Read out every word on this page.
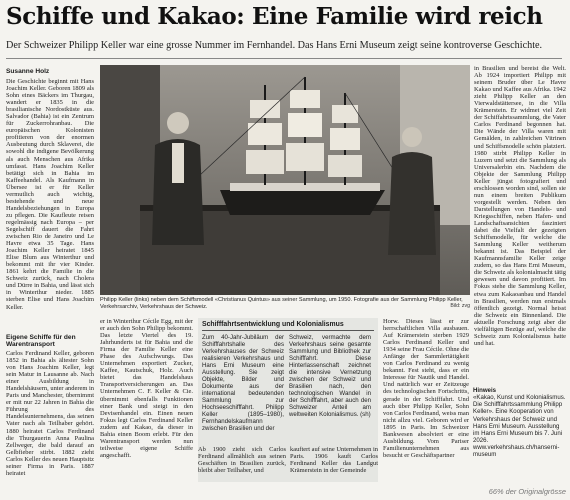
Schiffe und Kakao: Eine Familie wird reich
Der Schweizer Philipp Keller war eine grosse Nummer im Fernhandel. Das Hans Erni Museum zeigt seine kontroverse Geschichte.
Susanne Holz

Die Geschichte beginnt mit Hans Joachim Keller. Geboren 1809 als Sohn eines Bäckers im Thurgau, wandert er 1835 in die brasilianische Nordostküste aus. Salvador (Bahia) ist ein Zentrum für Zuckerrohranbau. Die europäischen Kolonisten profitieren von der enormen Ausbeutung durch Sklaverei, die sowohl die indigene Bevölkerung als auch Menschen aus Afrika umfasst. Hans Joachim Keller betätigt sich in Bahia im Kaffeehandel. Als Kaufmann in Übersee ist er für Keller vermutlich auch wichtig, bestehende und neue Handelsbeziehungen in Europa zu pflegen. Die Kaufleute reisen regelmässig nach Europa – per Segelschiff dauert die Fahrt zwischen Rio de Janeiro und Le Havre etwa 35 Tage. Hans Joachim Keller heiratet 1845 Elise Blum aus Winterthur und bekommt mit ihr vier Kinder. 1861 kehrt die Familie in die Schweiz zurück, nach Cholera und Dürre in Bahia, und lässt sich in Winterthur nieder. 1885 sterben Elise und Hans Joachim Keller.

Eigene Schiffe für den Warentransport

Carlos Ferdinand Keller, geboren 1852 in Bahia als ältester Sohn von Hans Joachim Keller, legt sein Matur in Lausanne ab. Nach einer Ausbildung in Handelshäusern, unter anderem in Paris und Manchester, übernimmt er mit nur 22 Jahren in Bahia die Führung des Handelsunternehmens, das seinen Vater nach als Teilhaber gehört. 1880 heiratet Carlos Ferdinand die Thurgauerin Anna Paulina Zellweger, die bald darauf an Gelbfieber stirbt. 1882 zieht Carlos Keller des neuen Hauptsitz seiner Firma in Paris. 1887 heiratet

Philipp Keller (links) neben dem Schiffsmodell «Christianus Quintus» aus seiner Sammlung, um 1950. Fotografie aus der Sammlung Philipp Keller, Verkehrsarchiv, Verkehrshaus der Schweiz.	Bild: zvg

er in Winterthur Cécile Egg, mit der er auch den Sohn Philipp bekommt. Das letzte Viertel des 19. Jahrhunderts ist für Bahia und die Firma der Familie Keller eine Phase des Aufschwungs. Das Unternehmen exportiert Zucker, Kaffee, Kautschuk, Holz. Auch bietet das Handelshaus Transportversicherungen an. Das Unternehmen C. F. Keller & Cie. übernimmt ebenfalls Funktionen einer Bank und steigt in den Devisenhandel ein. Einen neuen Fokus legt Carlos Ferdinand Keller zudem auf Kakao, da dieser in Bahia einen Boom erlebt. Für den Warentransport werden nun teilweise eigene Schiffe angeschafft.

Schifffahrtsentwicklung und Kolonialismus
Zum 40-Jahr-Jubiläum der Schifffahrtshalle des Verkehrshauses der Schweiz realisieren Verkehrshaus und Hans Erni Museum eine Ausstellung. Sie zeigt Objekte, Bilder und Dokumente aus der international bedeutenden Sammlung zur Hochseeschifffahrt. Philipp Keller (1895–1980), Fernhandelskaufmann zwischen Brasilien und der
Schweiz, vermachte dem Verkehrshaus seine gesamte Sammlung und Bibliothek zur Schifffahrt. Diese Hinterlassenschaft zeichnet die intensive Vernetzung zwischen der Schweiz und Brasilien nach, den technologischen Wandel in der Schifffahrt, aber auch den Schweizer Anteil am weltweiten Kolonialismus. (sh)

Ab 1900 zieht sich Carlos Ferdinand allmählich aus seinen Geschäften in Brasilien zurück, bleibt aber Teilhaber, und

kauftert auf seine Unternehmen in Paris. 1906 kauft Carlos Ferdinand Keller das Landgut Krämerstein in der Gemeinde

Horw. Dieses lässt er zur herrschaftlichen Villa ausbauen. Auf Krämerstein sterben 1929 Carlos Ferdinand Keller und 1934 seine Frau Cécile. Ohne die Anfänge der Sammlertätigkeit von Carlos Ferdinand zu wenig bekannt. Fest steht, dass er ein Interesse für Nautik und Handel. Und natürlich war er Zeitzeuge des technologischen Fortschritts, gerade in der Schifffahrt. Und auch über Philipp Keller, Sohn von Carlos Ferdinand, weiss man nicht allzu viel. Geboren wird er 1895 in Paris. Im Schweizer Bankwesen absolviert er eine Ausbildung. Vom Pariser Familienunternehmen aus besucht er Geschäftspartner

in Brasilien und bereist die Welt. Ab 1924 importiert Philipp mit seinem Bruder über Le Havre Kakao und Kaffee aus Afrika. 1942 zieht Philipp Keller an den Vierwaldstättersee, in die Villa Krämerstein. Er widmet viel Zeit der Schiffahrtssammlung, die Vater Carlos Ferdinand begonnen hat. Die Wände der Villa waren mit Gemälden, in zahlreichen Vitrinen und Schiffsmodelle schön platziert. 1980 stirbt Philipp Keller in Luzern und setzt die Sammlung als Universalerbin ein. Nachdem die Objekte der Sammlung Philipp Keller jüngst fotografiert und erschlossen worden sind, sollen sie nun einem breiten Publikum vorgestellt werden. Neben den Darstellungen von Handels- und Kriegsschiffen, neben Hafen- und Landschaftsansichten fasziniert dabei die Vielfalt der gezeigten Schiffsmodelle, für welche die Sammlung Keller weitherum bekannt ist. Das Beispiel der Kaufmannsfamilie Keller zeige zudem, so das Hans Erni Museum, die Schweiz als kolonialmacht tätig gewesen und davon profitiert. Im Fokus stehe die Sammlung Keller, etwa zum Kakaoanbau und Handel in Brasilien, werden nun erstmals öffentlich gezeigt. Normal heisst die Schweiz ein Binnenland. Die aktuelle Forschung zeigt aber die vielfältigen Bezüge auf, welche die Schweiz zum Kolonialismus hatte und hat.

Hinweis
«Kakao, Kunst und Kolonialismus. Die Schifffahrtssammlung Philipp Keller». Eine Kooperation von Verkehrshaus der Schweiz und Hans Erni Museum. Ausstellung im Hans Erni Museum bis 7. Juni 2026. www.verkehrshaus.ch/hanserni-museum
66% der Originalgrösse
